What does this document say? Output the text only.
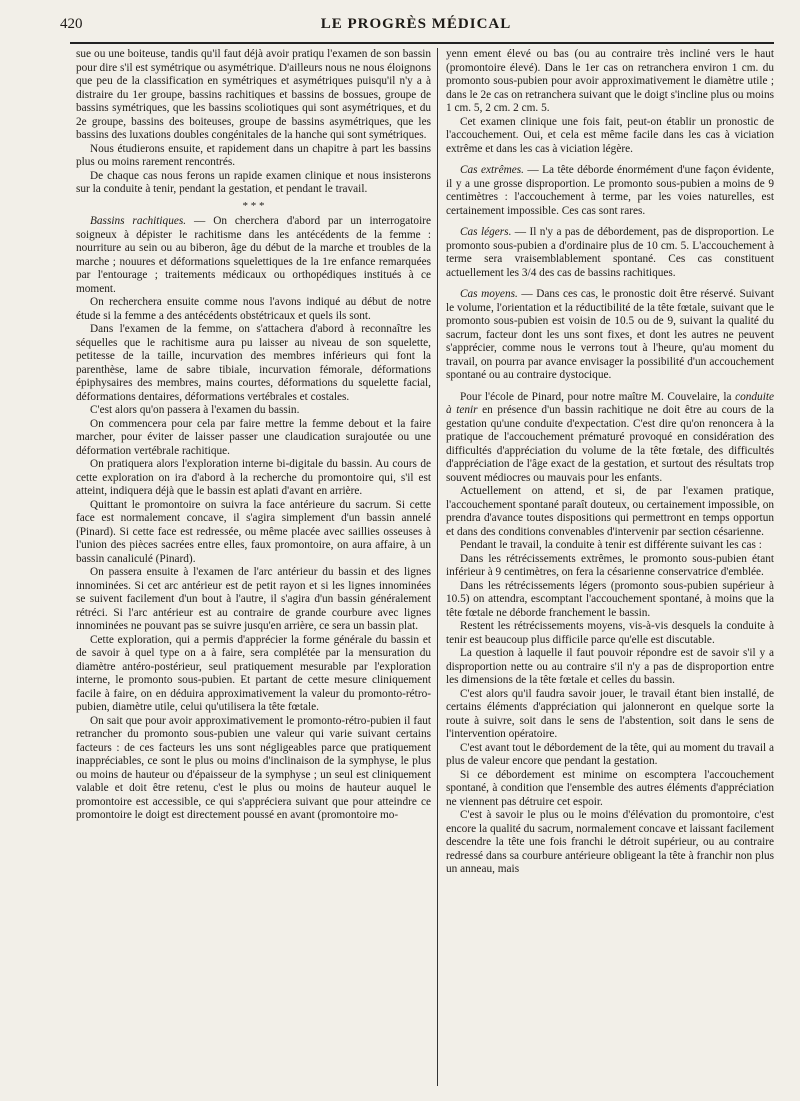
420	LE PROGRÈS MÉDICAL

sue ou une boiteuse, tandis qu'il faut déjà avoir pratiqu l'examen de son bassin pour dire s'il est symétrique ou asymétrique. D'ailleurs nous ne nous éloignons que peu de la classification en symétriques et asymétriques puisqu'il n'y a à distraire du 1er groupe, bassins rachitiques et bassins de bossues, groupe de bassins symétriques, que les bassins scoliotiques qui sont asymétriques, et du 2e groupe, bassins des boiteuses, groupe de bassins asymétriques, que les bassins des luxations doubles congénitales de la hanche qui sont symétriques.

Nous étudierons ensuite, et rapidement dans un chapitre à part les bassins plus ou moins rarement rencontrés.

De chaque cas nous ferons un rapide examen clinique et nous insisterons sur la conduite à tenir, pendant la gestation, et pendant le travail.

* * *

Bassins rachitiques. — On cherchera d'abord par un interrogatoire soigneux à dépister le rachitisme dans les antécédents de la femme : nourriture au sein ou au biberon, âge du début de la marche et troubles de la marche ; nouures et déformations squelettiques de la 1re enfance remarquées par l'entourage ; traitements médicaux ou orthopédiques institués à ce moment.

On recherchera ensuite comme nous l'avons indiqué au début de notre étude si la femme a des antécédents obstétricaux et quels ils sont.

Dans l'examen de la femme, on s'attachera d'abord à reconnaître les séquelles que le rachitisme aura pu laisser au niveau de son squelette, petitesse de la taille, incurvation des membres inférieurs qui font la parenthèse, lame de sabre tibiale, incurvation fémorale, déformations épiphysaires des membres, mains courtes, déformations du squelette facial, déformations dentaires, déformations vertébrales et costales.

C'est alors qu'on passera à l'examen du bassin.

On commencera pour cela par faire mettre la femme debout et la faire marcher, pour éviter de laisser passer une claudication surajoutée ou une déformation vertébrale rachitique.

On pratiquera alors l'exploration interne bi-digitale du bassin. Au cours de cette exploration on ira d'abord à la recherche du promontoire qui, s'il est atteint, indiquera déjà que le bassin est aplati d'avant en arrière.

Quittant le promontoire on suivra la face antérieure du sacrum. Si cette face est normalement concave, il s'agira simplement d'un bassin annelé (Pinard). Si cette face est redressée, ou même placée avec saillies osseuses à l'union des pièces sacrées entre elles, faux promontoire, on aura affaire, à un bassin canaliculé (Pinard).

On passera ensuite à l'examen de l'arc antérieur du bassin et des lignes innominées. Si cet arc antérieur est de petit rayon et si les lignes innominées se suivent facilement d'un bout à l'autre, il s'agira d'un bassin généralement rétréci. Si l'arc antérieur est au contraire de grande courbure avec lignes innominées ne pouvant pas se suivre jusqu'en arrière, ce sera un bassin plat.

Cette exploration, qui a permis d'apprécier la forme générale du bassin et de savoir à quel type on a à faire, sera complétée par la mensuration du diamètre antéro-postérieur, seul pratiquement mesurable par l'exploration interne, le promonto sous-pubien. Et partant de cette mesure cliniquement facile à faire, on en déduira approximativement la valeur du promonto-rétro-pubien, diamètre utile, celui qu'utilisera la tête fœtale.

On sait que pour avoir approximativement le promonto-rétro-pubien il faut retrancher du promonto sous-pubien une valeur qui varie suivant certains facteurs : de ces facteurs les uns sont négligeables parce que pratiquement inappréciables, ce sont le plus ou moins d'inclinaison de la symphyse, le plus ou moins de hauteur ou d'épaisseur de la symphyse ; un seul est cliniquement valable et doit être retenu, c'est le plus ou moins de hauteur auquel le promontoire est accessible, ce qui s'appréciera suivant que pour atteindre ce promontoire le doigt est directement poussé en avant (promontoire mo-

yenn ement élevé ou bas (ou au contraire très incliné vers le haut (promontoire élevé). Dans le 1er cas on retranchera environ 1 cm. du promonto sous-pubien pour avoir approximativement le diamètre utile ; dans le 2e cas on retranchera suivant que le doigt s'incline plus ou moins 1 cm. 5, 2 cm. 2 cm. 5.

Cet examen clinique une fois fait, peut-on établir un pronostic de l'accouchement. Oui, et cela est même facile dans les cas à viciation extrême et dans les cas à viciation légère.

Cas extrêmes. — La tête déborde énormément d'une façon évidente, il y a une grosse disproportion. Le promonto sous-pubien a moins de 9 centimètres : l'accouchement à terme, par les voies naturelles, est certainement impossible. Ces cas sont rares.

Cas légers. — Il n'y a pas de débordement, pas de disproportion. Le promonto sous-pubien a d'ordinaire plus de 10 cm. 5. L'accouchement à terme sera vraisemblablement spontané. Ces cas constituent actuellement les 3/4 des cas de bassins rachitiques.

Cas moyens. — Dans ces cas, le pronostic doit être réservé. Suivant le volume, l'orientation et la réductibilité de la tête fœtale, suivant que le promonto sous-pubien est voisin de 10.5 ou de 9, suivant la qualité du sacrum, facteur dont les uns sont fixes, et dont les autres ne peuvent s'apprécier, comme nous le verrons tout à l'heure, qu'au moment du travail, on pourra par avance envisager la possibilité d'un accouchement spontané ou au contraire dystocique.

Pour l'école de Pinard, pour notre maître M. Couvelaire, la conduite à tenir en présence d'un bassin rachitique ne doit être au cours de la gestation qu'une conduite d'expectation. C'est dire qu'on renoncera à la pratique de l'accouchement prématuré provoqué en considération des difficultés d'appréciation du volume de la tête fœtale, des difficultés d'appréciation de l'âge exact de la gestation, et surtout des résultats trop souvent médiocres ou mauvais pour les enfants.

Actuellement on attend, et si, de par l'examen pratique, l'accouchement spontané paraît douteux, ou certainement impossible, on prendra d'avance toutes dispositions qui permettront en temps opportun et dans des conditions convenables d'intervenir par section césarienne.

Pendant le travail, la conduite à tenir est différente suivant les cas :

Dans les rétrécissements extrêmes, le promonto sous-pubien étant inférieur à 9 centimètres, on fera la césarienne conservatrice d'emblée.

Dans les rétrécissements légers (promonto sous-pubien supérieur à 10.5) on attendra, escomptant l'accouchement spontané, à moins que la tête fœtale ne déborde franchement le bassin.

Restent les rétrécissements moyens, vis-à-vis desquels la conduite à tenir est beaucoup plus difficile parce qu'elle est discutable.

La question à laquelle il faut pouvoir répondre est de savoir s'il y a disproportion nette ou au contraire s'il n'y a pas de disproportion entre les dimensions de la tête fœtale et celles du bassin.

C'est alors qu'il faudra savoir jouer, le travail étant bien installé, de certains éléments d'appréciation qui jalonneront en quelque sorte la route à suivre, soit dans le sens de l'abstention, soit dans le sens de l'intervention opératoire.

C'est avant tout le débordement de la tête, qui au moment du travail a plus de valeur encore que pendant la gestation.

Si ce débordement est minime on escomptera l'accouchement spontané, à condition que l'ensemble des autres éléments d'appréciation ne viennent pas détruire cet espoir.

C'est à savoir le plus ou le moins d'élévation du promontoire, c'est encore la qualité du sacrum, normalement concave et laissant facilement descendre la tête une fois franchi le détroit supérieur, ou au contraire redressé dans sa courbure antérieure obligeant la tête à franchir non plus un anneau, mais
